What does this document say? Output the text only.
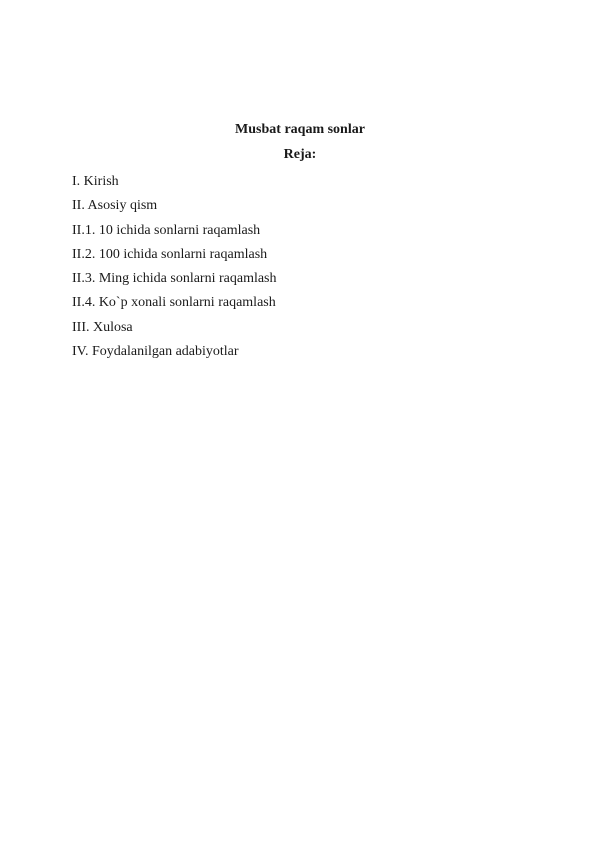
Musbat raqam sonlar
Reja:
I. Kirish
II. Asosiy qism
II.1. 10 ichida sonlarni raqamlash
II.2. 100 ichida sonlarni raqamlash
II.3. Ming ichida sonlarni raqamlash
II.4. Ko`p xonali sonlarni raqamlash
III. Xulosa
IV. Foydalanilgan adabiyotlar
